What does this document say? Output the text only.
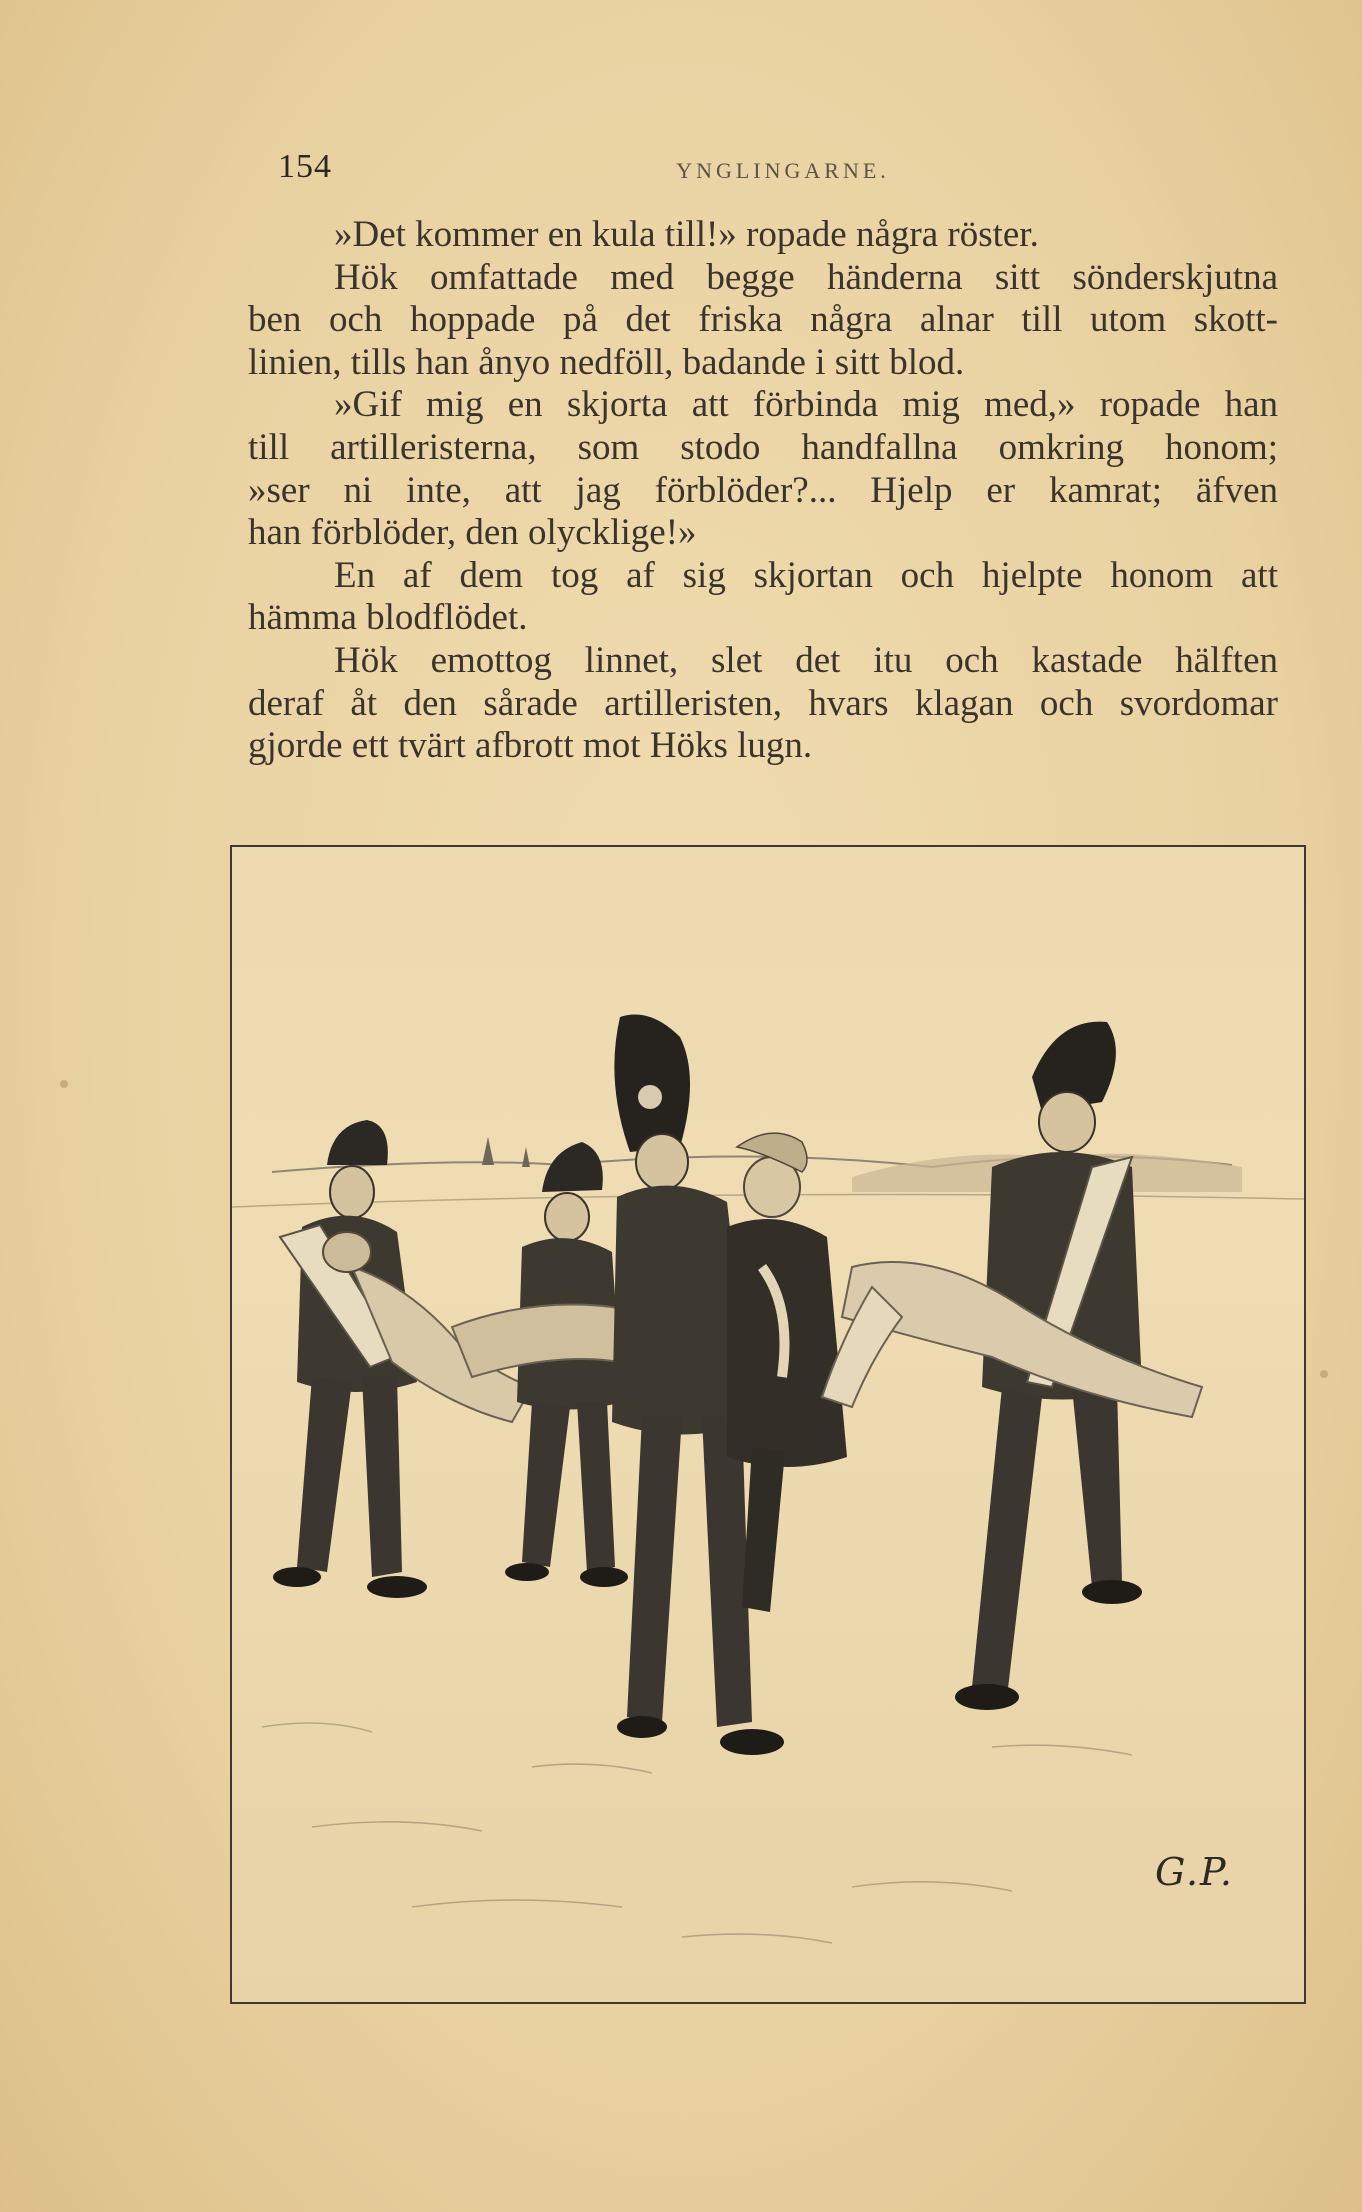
154	YNGLINGARNE.
»Det kommer en kula till!» ropade några röster.
Hök omfattade med begge händerna sitt sönderskjutna
ben och hoppade på det friska några alnar till utom skott-
linien, tills han ånyo nedföll, badande i sitt blod.
»Gif mig en skjorta att förbinda mig med,» ropade han
till artilleristerna, som stodo handfallna omkring honom;
»ser ni inte, att jag förblöder?... Hjelp er kamrat; äfven
han förblöder, den olycklige!»
En af dem tog af sig skjortan och hjelpte honom att
hämma blodflödet.
Hök emottog linnet, slet det itu och kastade hälften
deraf åt den sårade artilleristen, hvars klagan och svordomar
gjorde ett tvärt afbrott mot Höks lugn.
G.P.
